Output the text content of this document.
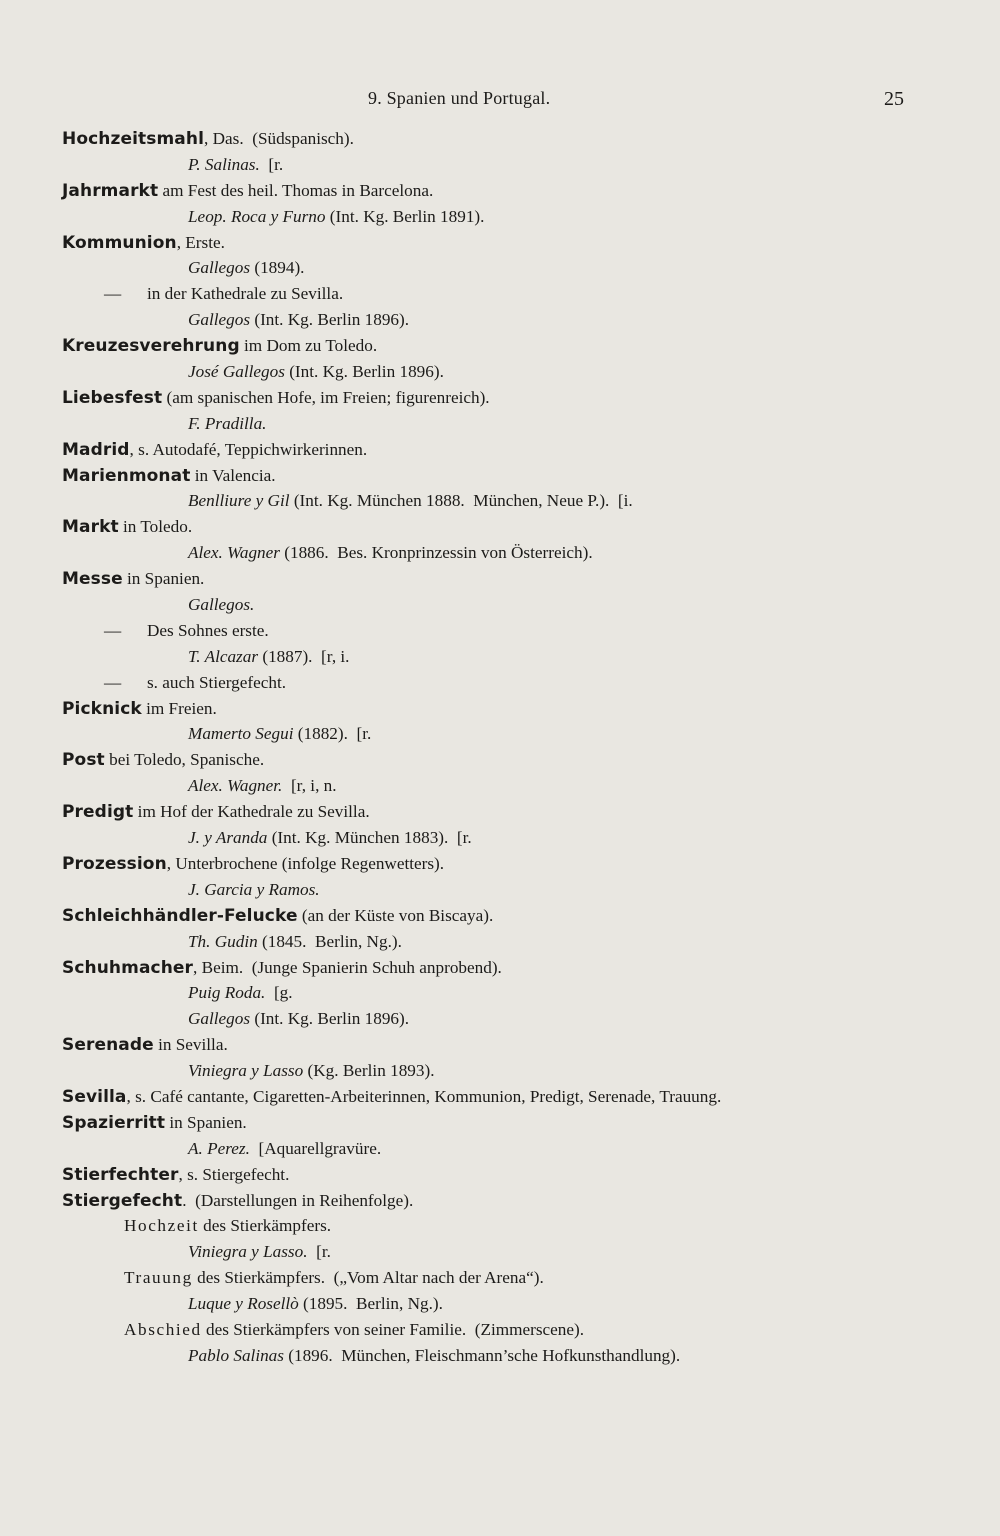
9. Spanien und Portugal.	25
Hochzeitsmahl, Das.  (Südspanisch).
P. Salinas.  [r.
Jahrmarkt am Fest des heil. Thomas in Barcelona.
Leop. Roca y Furno (Int. Kg. Berlin 1891).
Kommunion, Erste.
Gallegos (1894).
—      in der Kathedrale zu Sevilla.
Gallegos (Int. Kg. Berlin 1896).
Kreuzesverehrung im Dom zu Toledo.
José Gallegos (Int. Kg. Berlin 1896).
Liebesfest (am spanischen Hofe, im Freien; figurenreich).
F. Pradilla.
Madrid, s. Autodafé, Teppichwirkerinnen.
Marienmonat in Valencia.
Benlliure y Gil (Int. Kg. München 1888.  München, Neue P.).  [i.
Markt in Toledo.
Alex. Wagner (1886.  Bes. Kronprinzessin von Österreich).
Messe in Spanien.
Gallegos.
—      Des Sohnes erste.
T. Alcazar (1887).  [r, i.
—      s. auch Stiergefecht.
Picknick im Freien.
Mamerto Segui (1882).  [r.
Post bei Toledo, Spanische.
Alex. Wagner.  [r, i, n.
Predigt im Hof der Kathedrale zu Sevilla.
J. y Aranda (Int. Kg. München 1883).  [r.
Prozession, Unterbrochene (infolge Regenwetters).
J. Garcia y Ramos.
Schleichhändler-Felucke (an der Küste von Biscaya).
Th. Gudin (1845.  Berlin, Ng.).
Schuhmacher, Beim.  (Junge Spanierin Schuh anprobend).
Puig Roda.  [g.
Gallegos (Int. Kg. Berlin 1896).
Serenade in Sevilla.
Viniegra y Lasso (Kg. Berlin 1893).
Sevilla, s. Café cantante, Cigaretten-Arbeiterinnen, Kommunion, Predigt, Serenade, Trauung.
Spazierritt in Spanien.
A. Perez.  [Aquarellgravüre.
Stierfechter, s. Stiergefecht.
Stiergefecht.  (Darstellungen in Reihenfolge).
Hochzeit des Stierkämpfers.
Viniegra y Lasso.  [r.
Trauung des Stierkämpfers.  („Vom Altar nach der Arena“).
Luque y Rosellò (1895.  Berlin, Ng.).
Abschied des Stierkämpfers von seiner Familie.  (Zimmerscene).
Pablo Salinas (1896.  München, Fleischmann’sche Hofkunsthandlung).
